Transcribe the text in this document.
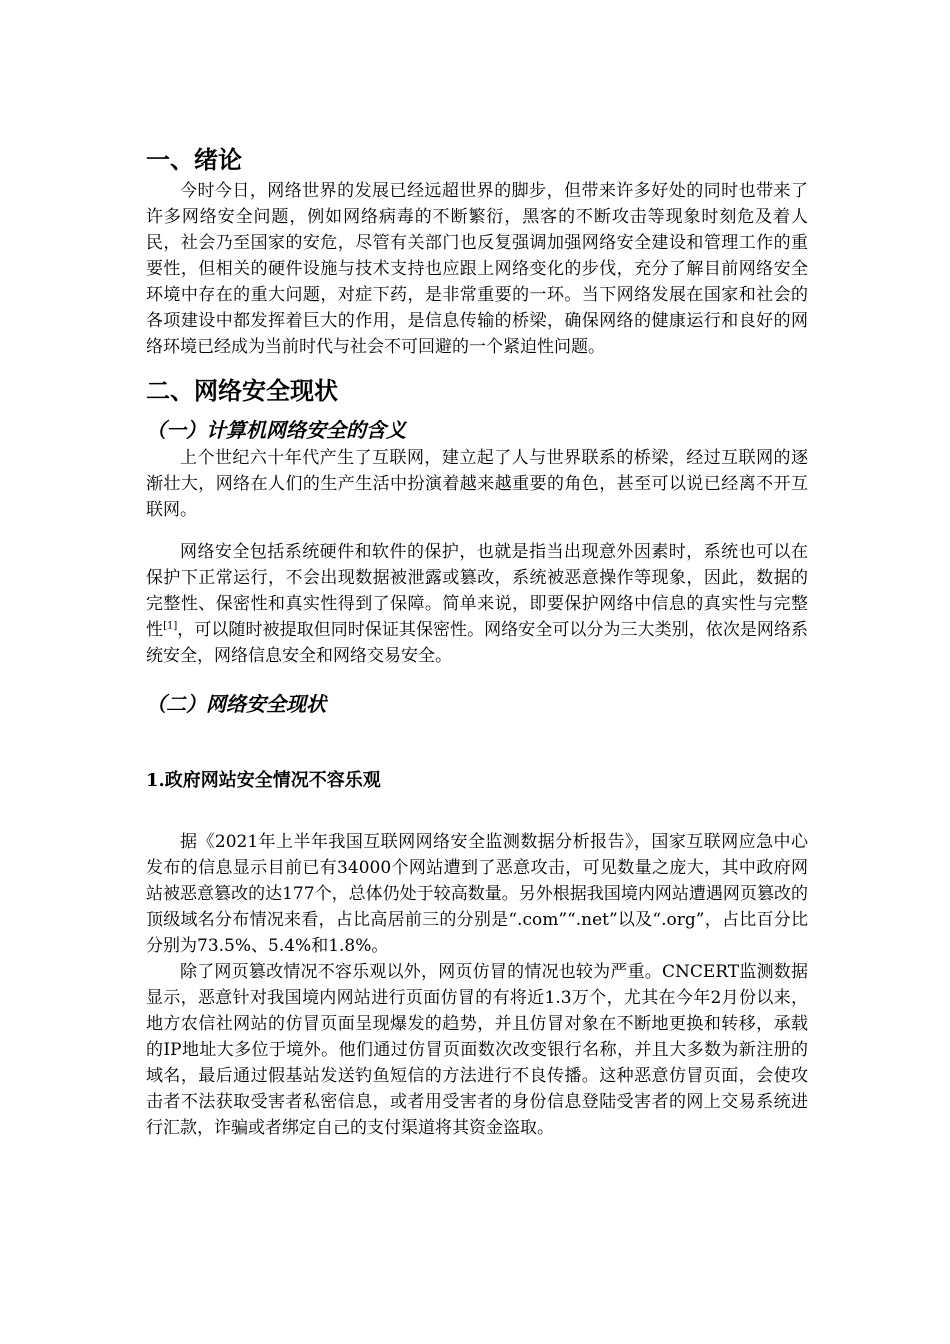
一、绪论

今时今日，网络世界的发展已经远超世界的脚步，但带来许多好处的同时也带来了许多网络安全问题，例如网络病毒的不断繁衍，黑客的不断攻击等现象时刻危及着人民，社会乃至国家的安危，尽管有关部门也反复强调加强网络安全建设和管理工作的重要性，但相关的硬件设施与技术支持也应跟上网络变化的步伐，充分了解目前网络安全环境中存在的重大问题，对症下药，是非常重要的一环。当下网络发展在国家和社会的各项建设中都发挥着巨大的作用，是信息传输的桥梁，确保网络的健康运行和良好的网络环境已经成为当前时代与社会不可回避的一个紧迫性问题。

二、网络安全现状
（一）计算机网络安全的含义

上个世纪六十年代产生了互联网，建立起了人与世界联系的桥梁，经过互联网的逐渐壮大，网络在人们的生产生活中扮演着越来越重要的角色，甚至可以说已经离不开互联网。

网络安全包括系统硬件和软件的保护，也就是指当出现意外因素时，系统也可以在保护下正常运行，不会出现数据被泄露或篡改，系统被恶意操作等现象，因此，数据的完整性、保密性和真实性得到了保障。简单来说，即要保护网络中信息的真实性与完整性[1]，可以随时被提取但同时保证其保密性。网络安全可以分为三大类别，依次是网络系统安全，网络信息安全和网络交易安全。

（二）网络安全现状
1.政府网站安全情况不容乐观

据《2021年上半年我国互联网网络安全监测数据分析报告》，国家互联网应急中心发布的信息显示目前已有34000个网站遭到了恶意攻击，可见数量之庞大，其中政府网站被恶意篡改的达177个，总体仍处于较高数量。另外根据我国境内网站遭遇网页篡改的顶级域名分布情况来看，占比高居前三的分别是“.com”“.net”以及“.org”，占比百分比分别为73.5%、5.4%和1.8%。

除了网页篡改情况不容乐观以外，网页仿冒的情况也较为严重。CNCERT监测数据显示，恶意针对我国境内网站进行页面仿冒的有将近1.3万个，尤其在今年2月份以来，地方农信社网站的仿冒页面呈现爆发的趋势，并且仿冒对象在不断地更换和转移，承载的IP地址大多位于境外。他们通过仿冒页面数次改变银行名称，并且大多数为新注册的域名，最后通过假基站发送钓鱼短信的方法进行不良传播。这种恶意仿冒页面，会使攻击者不法获取受害者私密信息，或者用受害者的身份信息登陆受害者的网上交易系统进行汇款，诈骗或者绑定自己的支付渠道将其资金盗取。
